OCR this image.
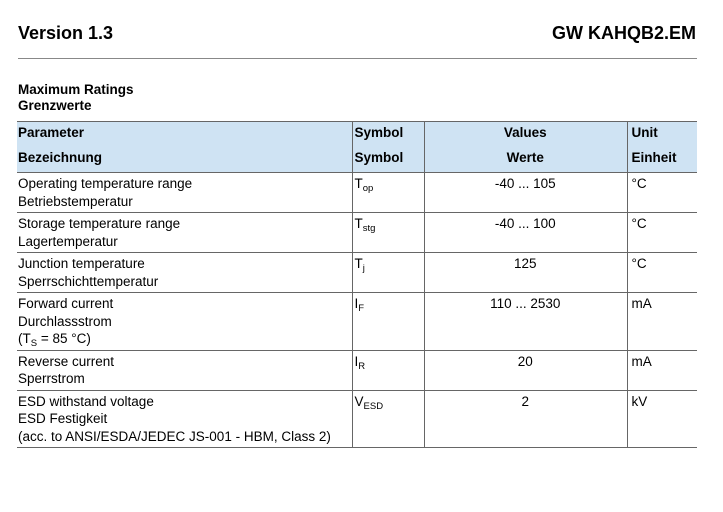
Version 1.3	GW KAHQB2.EM
Maximum Ratings
Grenzwerte
Parameter	Symbol	Values	Unit
Bezeichnung	Symbol	Werte	Einheit

Operating temperature range
Betriebstemperatur	$T_{op}$	-40 ... 105	°C

Storage temperature range
Lagertemperatur	$T_{stg}$	-40 ... 100	°C

Junction temperature
Sperrschichttemperatur	$T_j$	125	°C

Forward current
Durchlassstrom
($T_S = 85$ °C)	$I_F$	110 ... 2530	mA

Reverse current
Sperrstrom	$I_R$	20	mA

ESD withstand voltage
ESD Festigkeit
(acc. to ANSI/ESDA/JEDEC JS-001 - HBM, Class 2)	$V_{ESD}$	2	kV
